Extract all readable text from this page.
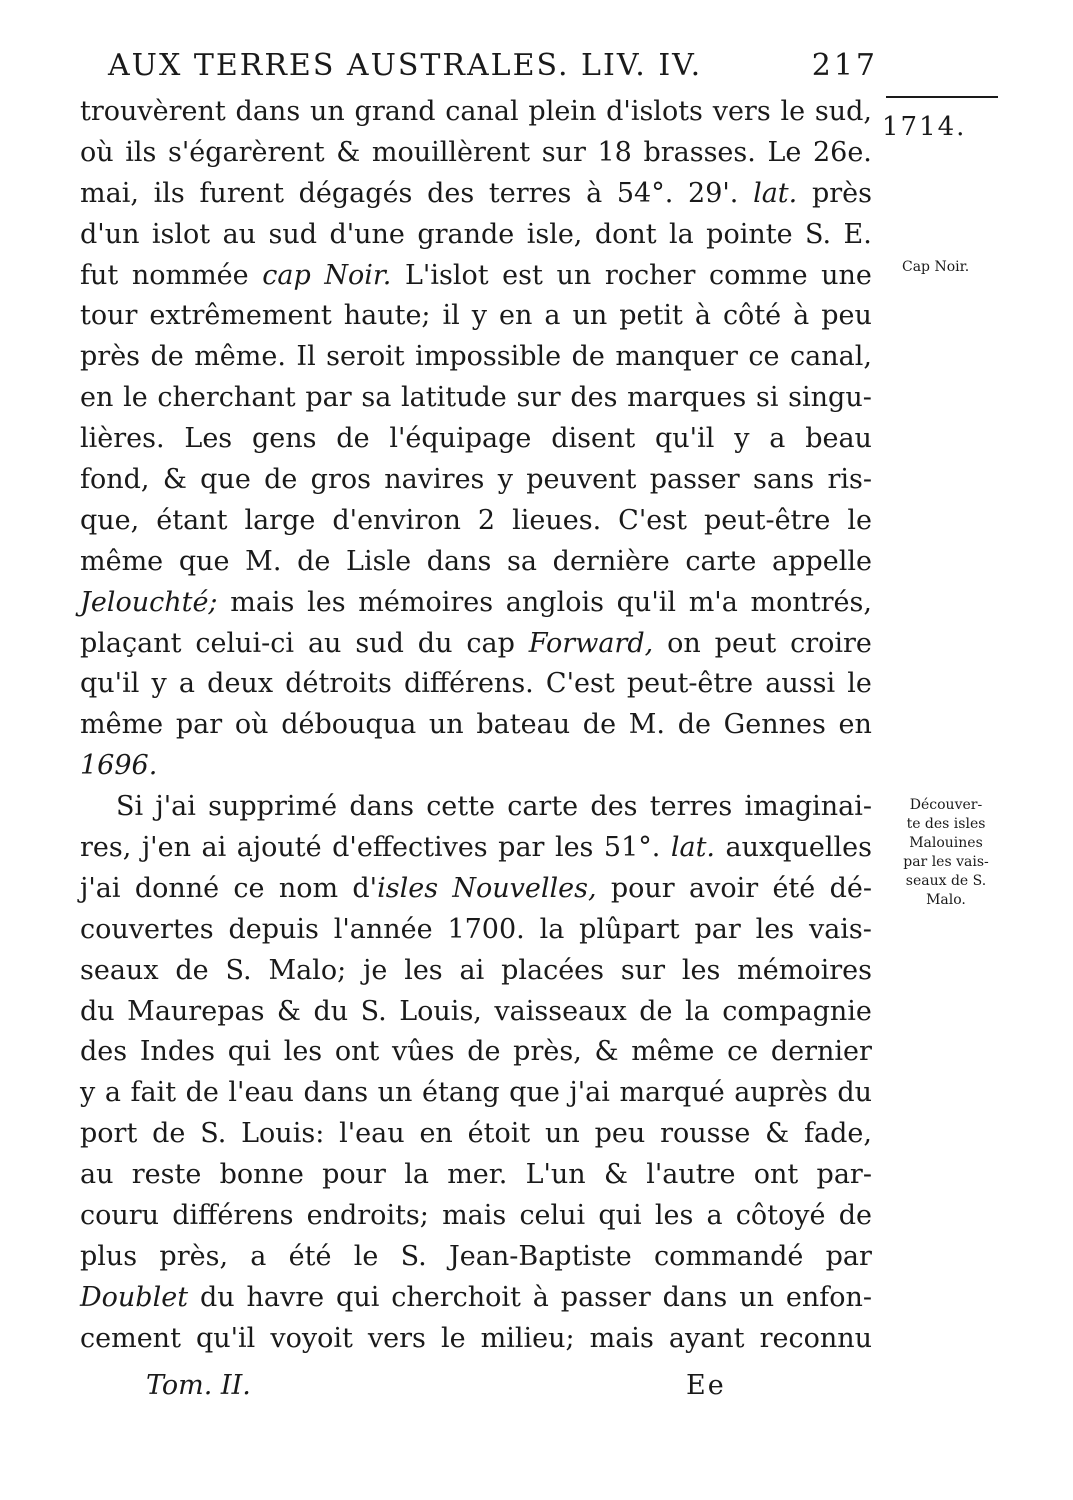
AUX TERRES AUSTRALES. LIV. IV.	217
1714.
Cap Noir.
Découver-
te des isles
Malouines
par les vais-
seaux de S.
Malo.
trouvèrent dans un grand canal plein d'islots vers le sud,
où ils s'égarèrent & mouillèrent sur 18 brasses. Le 26e.
mai, ils furent dégagés des terres à 54°. 29'. lat. près
d'un islot au sud d'une grande isle, dont la pointe S. E.
fut nommée cap Noir. L'islot est un rocher comme une
tour extrêmement haute; il y en a un petit à côté à peu
près de même. Il seroit impossible de manquer ce canal,
en le cherchant par sa latitude sur des marques si singu-
lières. Les gens de l'équipage disent qu'il y a beau
fond, & que de gros navires y peuvent passer sans ris-
que, étant large d'environ 2 lieues. C'est peut-être le
même que M. de Lisle dans sa dernière carte appelle
Jelouchté; mais les mémoires anglois qu'il m'a montrés,
plaçant celui-ci au sud du cap Forward, on peut croire
qu'il y a deux détroits différens. C'est peut-être aussi le
même par où débouqua un bateau de M. de Gennes en
1696.
Si j'ai supprimé dans cette carte des terres imaginai-
res, j'en ai ajouté d'effectives par les 51°. lat. auxquelles
j'ai donné ce nom d'isles Nouvelles, pour avoir été dé-
couvertes depuis l'année 1700. la plûpart par les vais-
seaux de S. Malo; je les ai placées sur les mémoires
du Maurepas & du S. Louis, vaisseaux de la compagnie
des Indes qui les ont vûes de près, & même ce dernier
y a fait de l'eau dans un étang que j'ai marqué auprès du
port de S. Louis: l'eau en étoit un peu rousse & fade,
au reste bonne pour la mer. L'un & l'autre ont par-
couru différens endroits; mais celui qui les a côtoyé de
plus près, a été le S. Jean-Baptiste commandé par
Doublet du havre qui cherchoit à passer dans un enfon-
cement qu'il voyoit vers le milieu; mais ayant reconnu
Tom. II.	Ee
